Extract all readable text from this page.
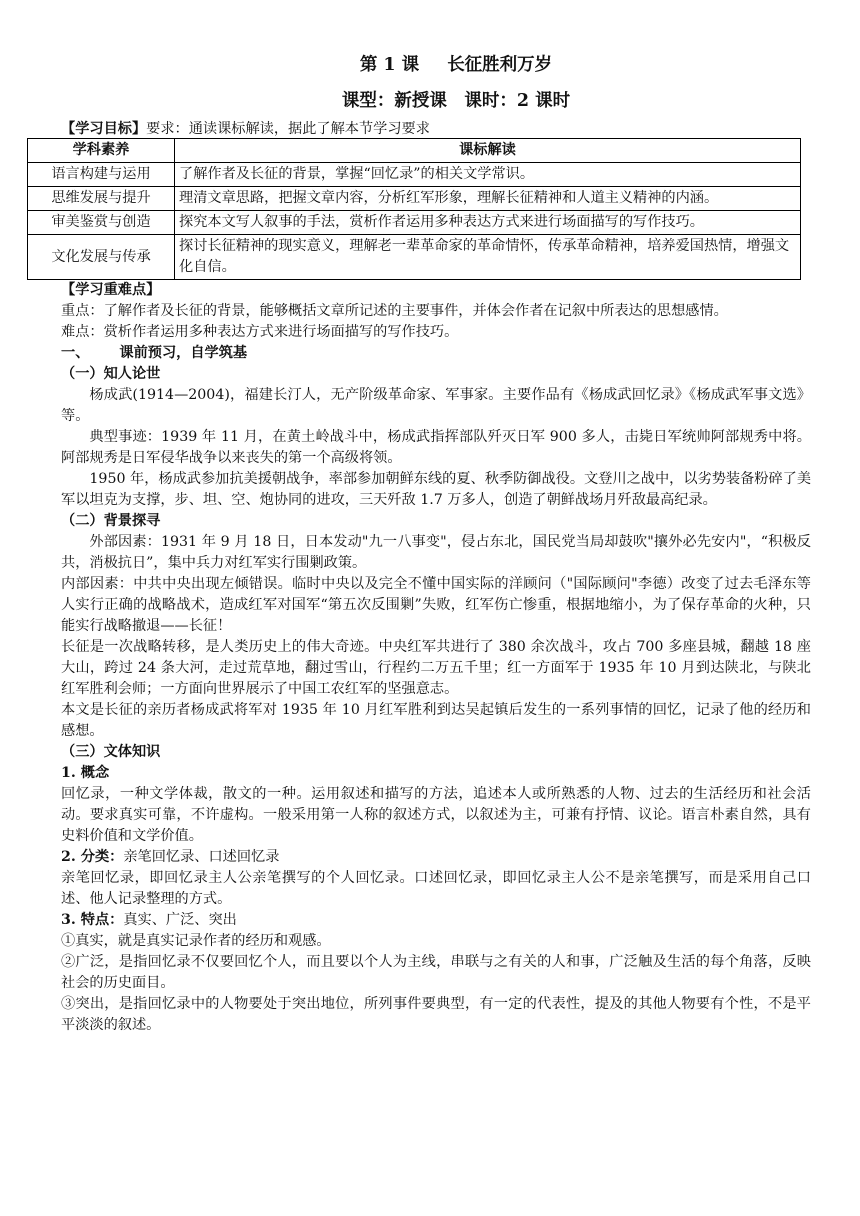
第 1 课 长征胜利万岁
课型：新授课　课时：2 课时

【学习目标】要求：通读课标解读，据此了解本节学习要求

学科素养	课标解读
语言构建与运用	了解作者及长征的背景，掌握“回忆录”的相关文学常识。
思维发展与提升	理清文章思路，把握文章内容，分析红军形象，理解长征精神和人道主义精神的内涵。
审美鉴赏与创造	探究本文写人叙事的手法，赏析作者运用多种表达方式来进行场面描写的写作技巧。
文化发展与传承	探讨长征精神的现实意义，理解老一辈革命家的革命情怀，传承革命精神，培养爱国热情，增强文化自信。

【学习重难点】

重点：了解作者及长征的背景，能够概括文章所记述的主要事件，并体会作者在记叙中所表达的思想感情。

难点：赏析作者运用多种表达方式来进行场面描写的写作技巧。

一、 课前预习，自学筑基

（一）知人论世

杨成武(1914—2004)，福建长汀人，无产阶级革命家、军事家。主要作品有《杨成武回忆录》《杨成武军事文选》等。

典型事迹：1939 年 11 月，在黄土岭战斗中，杨成武指挥部队歼灭日军 900 多人，击毙日军统帅阿部规秀中将。阿部规秀是日军侵华战争以来丧失的第一个高级将领。

1950 年，杨成武参加抗美援朝战争，率部参加朝鲜东线的夏、秋季防御战役。文登川之战中，以劣势装备粉碎了美军以坦克为支撑，步、坦、空、炮协同的进攻，三天歼敌 1.7 万多人，创造了朝鲜战场月歼敌最高纪录。

（二）背景探寻

外部因素：1931 年 9 月 18 日，日本发动"九一八事变"，侵占东北，国民党当局却鼓吹"攘外必先安内"，“积极反共，消极抗日”，集中兵力对红军实行围剿政策。

内部因素：中共中央出现左倾错误。临时中央以及完全不懂中国实际的洋顾问（"国际顾问"李德）改变了过去毛泽东等人实行正确的战略战术，造成红军对国军“第五次反围剿”失败，红军伤亡惨重，根据地缩小，为了保存革命的火种，只能实行战略撤退——长征！

长征是一次战略转移，是人类历史上的伟大奇迹。中央红军共进行了 380 余次战斗，攻占 700 多座县城，翻越 18 座大山，跨过 24 条大河，走过荒草地，翻过雪山，行程约二万五千里；红一方面军于 1935 年 10 月到达陕北，与陕北红军胜利会师；一方面向世界展示了中国工农红军的坚强意志。

本文是长征的亲历者杨成武将军对 1935 年 10 月红军胜利到达吴起镇后发生的一系列事情的回忆，记录了他的经历和感想。

（三）文体知识

1. 概念

回忆录，一种文学体裁，散文的一种。运用叙述和描写的方法，追述本人或所熟悉的人物、过去的生活经历和社会活动。要求真实可靠，不许虚构。一般采用第一人称的叙述方式，以叙述为主，可兼有抒情、议论。语言朴素自然，具有史料价值和文学价值。

2. 分类：亲笔回忆录、口述回忆录

亲笔回忆录，即回忆录主人公亲笔撰写的个人回忆录。口述回忆录，即回忆录主人公不是亲笔撰写，而是采用自己口述、他人记录整理的方式。

3. 特点：真实、广泛、突出

①真实，就是真实记录作者的经历和观感。

②广泛，是指回忆录不仅要回忆个人，而且要以个人为主线，串联与之有关的人和事，广泛触及生活的每个角落，反映社会的历史面目。

③突出，是指回忆录中的人物要处于突出地位，所列事件要典型，有一定的代表性，提及的其他人物要有个性，不是平平淡淡的叙述。
